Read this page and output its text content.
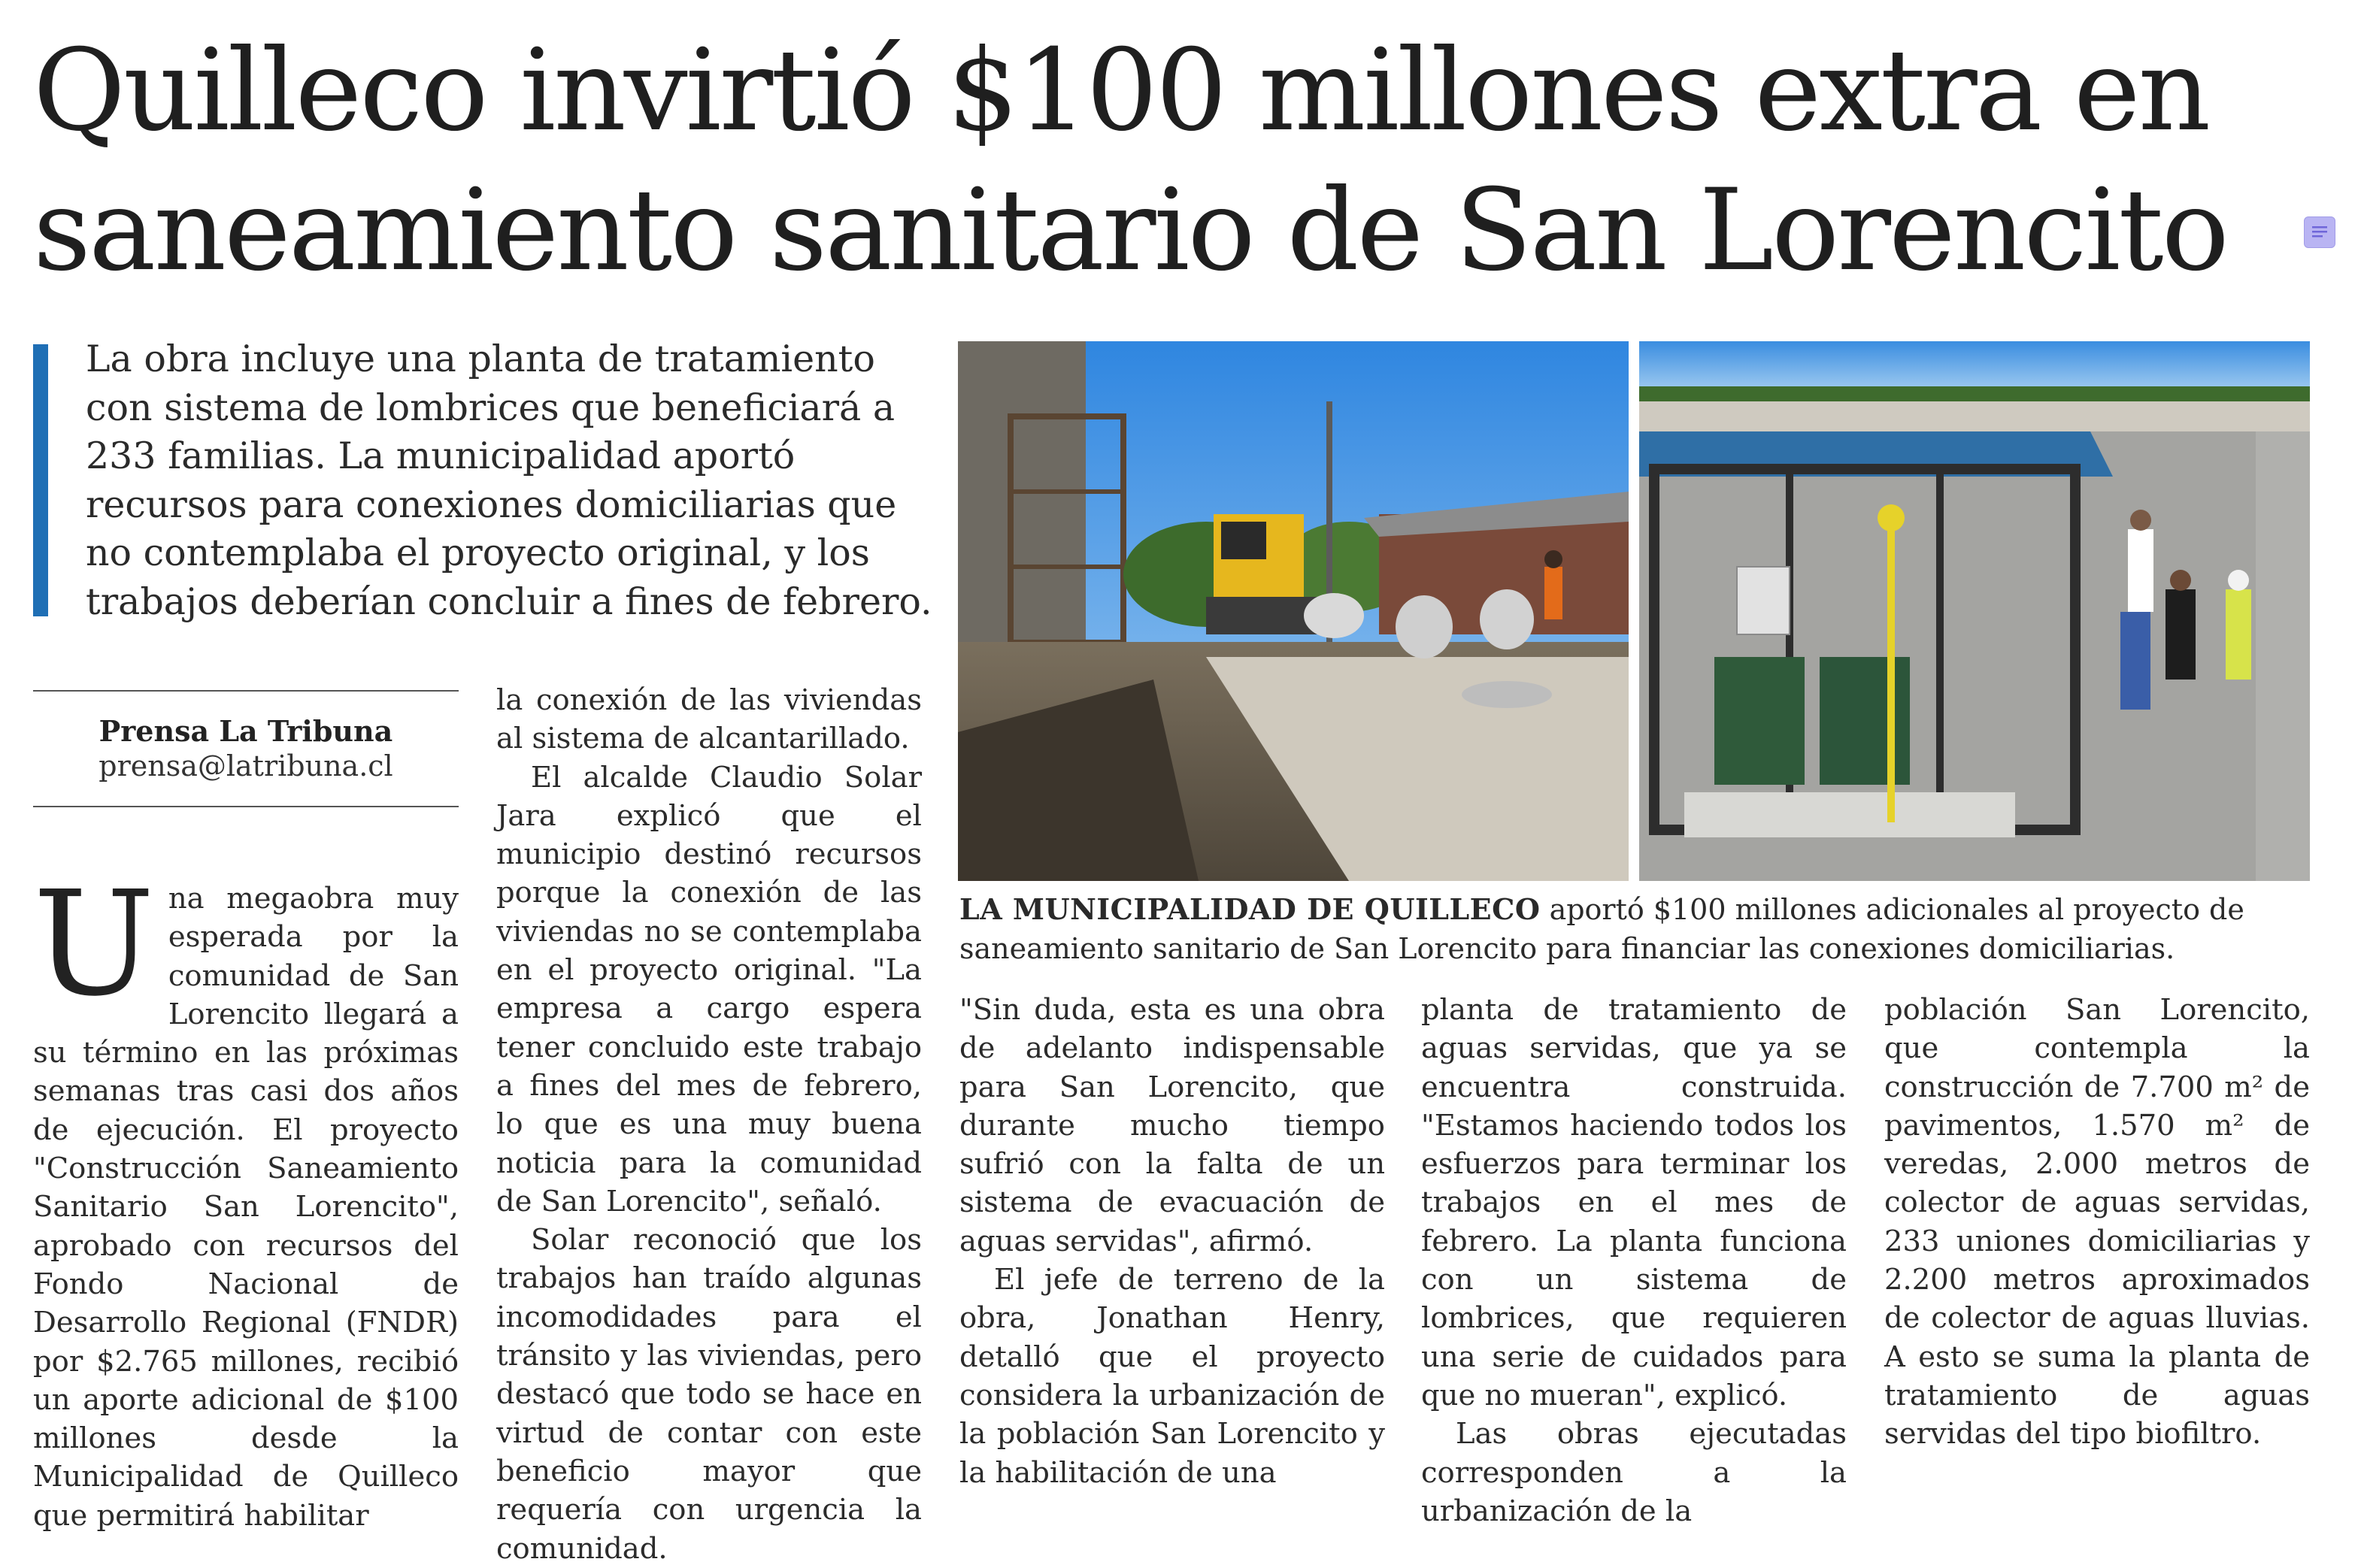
Quilleco invirtió $100 millones extra en
saneamiento sanitario de San Lorencito

La obra incluye una planta de tratamiento con sistema de lombrices que beneficiará a 233 familias. La municipalidad aportó recursos para conexiones domiciliarias que no contemplaba el proyecto original, y los trabajos deberían concluir a fines de febrero.

Prensa La Tribuna
prensa@latribuna.cl
U na megaobra muy esperada por la comunidad de San Lorencito llegará a su término en las próximas semanas tras casi dos años de ejecución. El proyecto "Construcción Saneamiento Sanitario San Lorencito", aprobado con recursos del Fondo Nacional de Desarrollo Regional (FNDR) por $2.765 millones, recibió un aporte adicional de $100 millones desde la Municipalidad de Quilleco que permitirá habilitar

la conexión de las viviendas al sistema de alcantarillado.

El alcalde Claudio Solar Jara explicó que el municipio destinó recursos porque la conexión de las viviendas no se contemplaba en el proyecto original. "La empresa a cargo espera tener concluido este trabajo a fines del mes de febrero, lo que es una muy buena noticia para la comunidad de San Lorencito", señaló.

Solar reconoció que los trabajos han traído algunas incomodidades para el tránsito y las viviendas, pero destacó que todo se hace en virtud de contar con este beneficio mayor que requería con urgencia la comunidad.

LA MUNICIPALIDAD DE QUILLECO aportó $100 millones adicionales al proyecto de saneamiento sanitario de San Lorencito para financiar las conexiones domiciliarias.

"Sin duda, esta es una obra de adelanto indispensable para San Lorencito, que durante mucho tiempo sufrió con la falta de un sistema de evacuación de aguas servidas", afirmó.

El jefe de terreno de la obra, Jonathan Henry, detalló que el proyecto considera la urbanización de la población San Lorencito y la habilitación de una

planta de tratamiento de aguas servidas, que ya se encuentra construida. "Estamos haciendo todos los esfuerzos para terminar los trabajos en el mes de febrero. La planta funciona con un sistema de lombrices, que requieren una serie de cuidados para que no mueran", explicó.

Las obras ejecutadas corresponden a la urbanización de la

población San Lorencito, que contempla la construcción de 7.700 m² de pavimentos, 1.570 m² de veredas, 2.000 metros de colector de aguas servidas, 233 uniones domiciliarias y 2.200 metros aproximados de colector de aguas lluvias. A esto se suma la planta de tratamiento de aguas servidas del tipo biofiltro.
